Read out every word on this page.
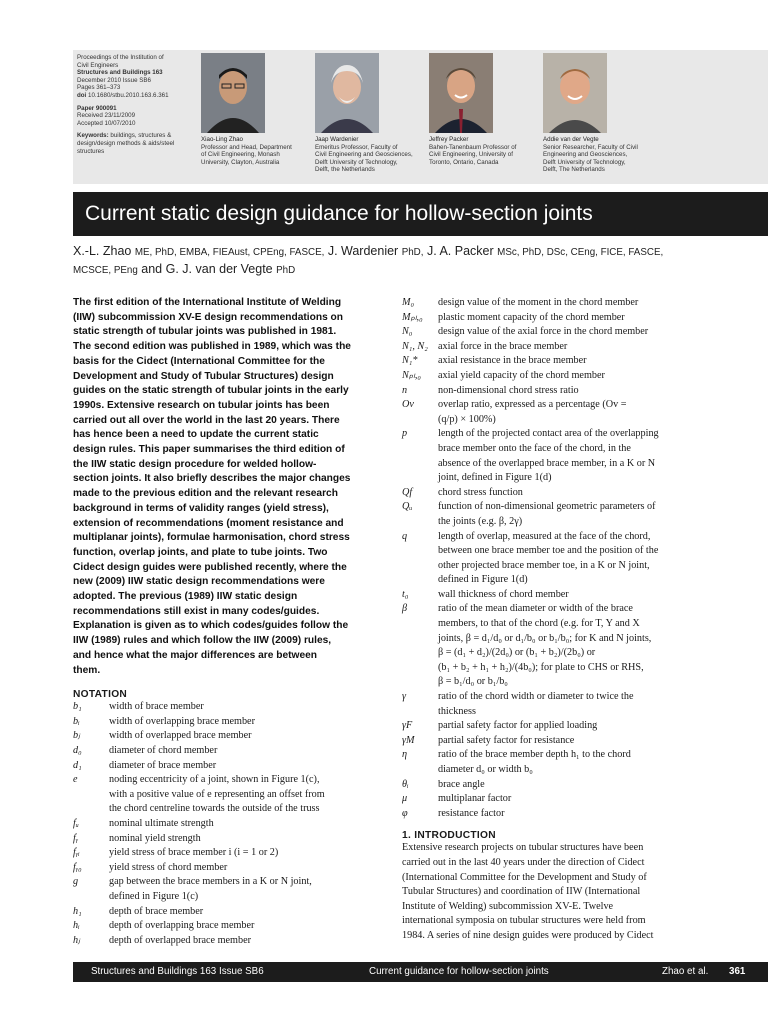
Proceedings of the Institution of
Civil Engineers
Structures and Buildings 163
December 2010 Issue SB6
Pages 361–373
doi 10.1680/stbu.2010.163.6.361
Paper 900091
Received 23/11/2009
Accepted 10/07/2010
Keywords: buildings, structures &
design/design methods & aids/steel
structures
Xiao-Ling Zhao
Professor and Head, Department
of Civil Engineering, Monash
University, Clayton, Australia
Jaap Wardenier
Emeritus Professor, Faculty of
Civil Engineering and Geosciences,
Delft University of Technology,
Delft, the Netherlands
Jeffrey Packer
Bahen-Tanenbaum Professor of
Civil Engineering, University of
Toronto, Ontario, Canada
Addie van der Vegte
Senior Researcher, Faculty of Civil
Engineering and Geosciences,
Delft University of Technology,
Delft, The Netherlands
Current static design guidance for hollow-section joints
X.-L. Zhao ME, PhD, EMBA, FIEAust, CPEng, FASCE, J. Wardenier PhD, J. A. Packer MSc, PhD, DSc, CEng, FICE, FASCE,
MCSCE, PEng and G. J. van der Vegte PhD
The first edition of the International Institute of Welding
(IIW) subcommission XV-E design recommendations on
static strength of tubular joints was published in 1981.
The second edition was published in 1989, which was the
basis for the Cidect (International Committee for the
Development and Study of Tubular Structures) design
guides on the static strength of tubular joints in the early
1990s. Extensive research on tubular joints has been
carried out all over the world in the last 20 years. There
has hence been a need to update the current static
design rules. This paper summarises the third edition of
the IIW static design procedure for welded hollow-
section joints. It also briefly describes the major changes
made to the previous edition and the relevant research
background in terms of validity ranges (yield stress),
extension of recommendations (moment resistance and
multiplanar joints), formulae harmonisation, chord stress
function, overlap joints, and plate to tube joints. Two
Cidect design guides were published recently, where the
new (2009) IIW static design recommendations were
adopted. The previous (1989) IIW static design
recommendations still exist in many codes/guides.
Explanation is given as to which codes/guides follow the
IIW (1989) rules and which follow the IIW (2009) rules,
and hence what the major differences are between
them.
NOTATION
b₁	width of brace member
bᵢ	width of overlapping brace member
bⱼ	width of overlapped brace member
d₀	diameter of chord member
d₁	diameter of brace member
e	noding eccentricity of a joint, shown in Figure 1(c),
with a positive value of e representing an offset from
the chord centreline towards the outside of the truss
fᵤ	nominal ultimate strength
fᵧ	nominal yield strength
fᵧᵢ	yield stress of brace member i (i = 1 or 2)
fᵧ₀	yield stress of chord member
g	gap between the brace members in a K or N joint,
defined in Figure 1(c)
h₁	depth of brace member
hᵢ	depth of overlapping brace member
hⱼ	depth of overlapped brace member
M₀	design value of the moment in the chord member
Mₚₗ,₀	plastic moment capacity of the chord member
N₀	design value of the axial force in the chord member
N₁, N₂	axial force in the brace member
N₁*	axial resistance in the brace member
Nₚₗ,₀	axial yield capacity of the chord member
n	non-dimensional chord stress ratio
Ov	overlap ratio, expressed as a percentage (Ov =
(q/p) × 100%)
p	length of the projected contact area of the overlapping
brace member onto the face of the chord, in the
absence of the overlapped brace member, in a K or N
joint, defined in Figure 1(d)
Qf	chord stress function
Qᵤ	function of non-dimensional geometric parameters of
the joints (e.g. β, 2γ)
q	length of overlap, measured at the face of the chord,
between one brace member toe and the position of the
other projected brace member toe, in a K or N joint,
defined in Figure 1(d)
t₀	wall thickness of chord member
β	ratio of the mean diameter or width of the brace
members, to that of the chord (e.g. for T, Y and X
joints, β = d₁/d₀ or d₁/b₀ or b₁/b₀; for K and N joints,
β = (d₁ + d₂)/(2d₀) or (b₁ + b₂)/(2b₀) or
(b₁ + b₂ + h₁ + h₂)/(4b₀); for plate to CHS or RHS,
β = b₁/d₀ or b₁/b₀
γ	ratio of the chord width or diameter to twice the
thickness
γF	partial safety factor for applied loading
γM	partial safety factor for resistance
η	ratio of the brace member depth h₁ to the chord
diameter d₀ or width b₀
θᵢ	brace angle
μ	multiplanar factor
φ	resistance factor
1. INTRODUCTION
Extensive research projects on tubular structures have been
carried out in the last 40 years under the direction of Cidect
(International Committee for the Development and Study of
Tubular Structures) and coordination of IIW (International
Institute of Welding) subcommission XV-E. Twelve
international symposia on tubular structures were held from
1984. A series of nine design guides were produced by Cidect
Structures and Buildings 163 Issue SB6	Current guidance for hollow-section joints	Zhao et al. 361
